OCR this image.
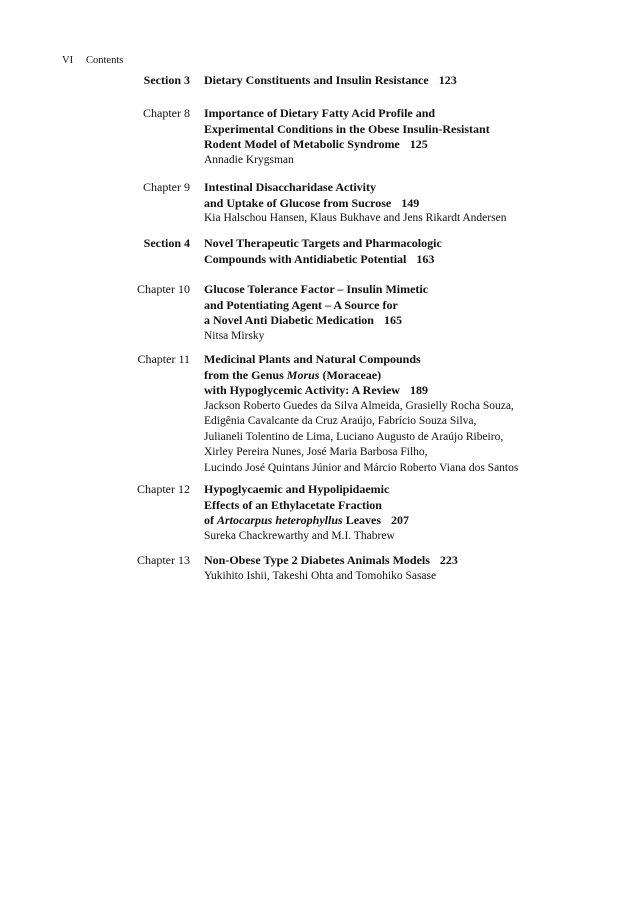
VI Contents
Section 3 Dietary Constituents and Insulin Resistance 123
Chapter 8 Importance of Dietary Fatty Acid Profile and
Experimental Conditions in the Obese Insulin-Resistant
Rodent Model of Metabolic Syndrome 125
Annadie Krygsman
Chapter 9 Intestinal Disaccharidase Activity
and Uptake of Glucose from Sucrose 149
Kia Halschou Hansen, Klaus Bukhave and Jens Rikardt Andersen
Section 4 Novel Therapeutic Targets and Pharmacologic
Compounds with Antidiabetic Potential 163
Chapter 10 Glucose Tolerance Factor – Insulin Mimetic
and Potentiating Agent – A Source for
a Novel Anti Diabetic Medication 165
Nitsa Mirsky
Chapter 11 Medicinal Plants and Natural Compounds
from the Genus Morus (Moraceae)
with Hypoglycemic Activity: A Review 189
Jackson Roberto Guedes da Silva Almeida, Grasielly Rocha Souza,
Edigênia Cavalcante da Cruz Araújo, Fabrício Souza Silva,
Julianeli Tolentino de Lima, Luciano Augusto de Araújo Ribeiro,
Xirley Pereira Nunes, José Maria Barbosa Filho,
Lucindo José Quintans Júnior and Márcio Roberto Viana dos Santos
Chapter 12 Hypoglycaemic and Hypolipidaemic
Effects of an Ethylacetate Fraction
of Artocarpus heterophyllus Leaves 207
Sureka Chackrewarthy and M.I. Thabrew
Chapter 13 Non-Obese Type 2 Diabetes Animals Models 223
Yukihito Ishii, Takeshi Ohta and Tomohiko Sasase
